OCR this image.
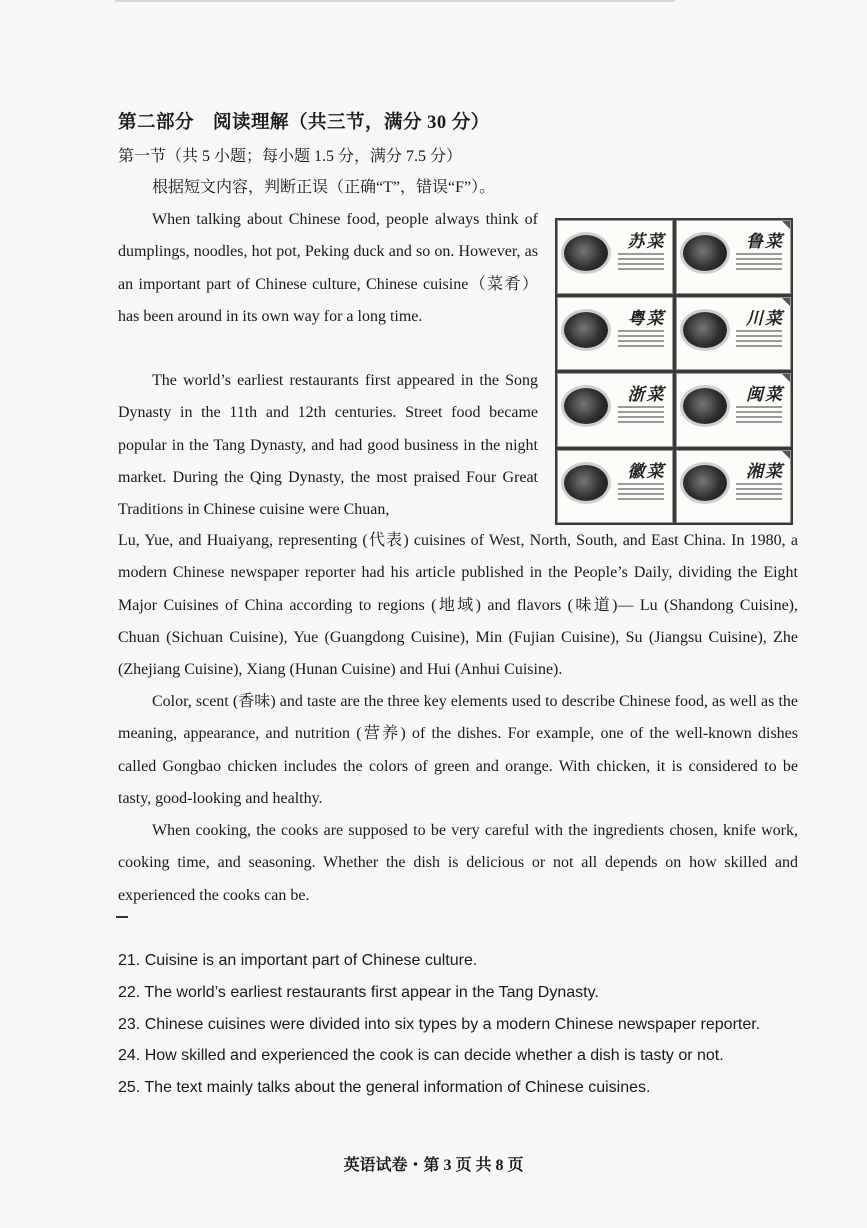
第二部分　阅读理解（共三节，满分 30 分）
第一节（共 5 小题；每小题 1.5 分，满分 7.5 分）
根据短文内容，判断正误（正确“T”，错误“F”）。
When talking about Chinese food, people always think of dumplings, noodles, hot pot, Peking duck and so on. However, as an important part of Chinese culture, Chinese cuisine（菜肴）has been around in its own way for a long time.
The world’s earliest restaurants first appeared in the Song Dynasty in the 11th and 12th centuries. Street food became popular in the Tang Dynasty, and had good business in the night market. During the Qing Dynasty, the most praised Four Great Traditions in Chinese cuisine were Chuan,
Lu, Yue, and Huaiyang, representing (代表) cuisines of West, North, South, and East China. In 1980, a modern Chinese newspaper reporter had his article published in the People’s Daily, dividing the Eight Major Cuisines of China according to regions (地域) and flavors (味道)— Lu (Shandong Cuisine), Chuan (Sichuan Cuisine), Yue (Guangdong Cuisine), Min (Fujian Cuisine), Su (Jiangsu Cuisine), Zhe (Zhejiang Cuisine), Xiang (Hunan Cuisine) and Hui (Anhui Cuisine).
Color, scent (香味) and taste are the three key elements used to describe Chinese food, as well as the meaning, appearance, and nutrition (营养) of the dishes. For example, one of the well-known dishes called Gongbao chicken includes the colors of green and orange. With chicken, it is considered to be tasty, good-looking and healthy.
When cooking, the cooks are supposed to be very careful with the ingredients chosen, knife work, cooking time, and seasoning. Whether the dish is delicious or not all depends on how skilled and experienced the cooks can be.
苏菜	鲁菜
粤菜	川菜
浙菜	闽菜
徽菜	湘菜
21. Cuisine is an important part of Chinese culture.
22. The world’s earliest restaurants first appear in the Tang Dynasty.
23. Chinese cuisines were divided into six types by a modern Chinese newspaper reporter.
24. How skilled and experienced the cook is can decide whether a dish is tasty or not.
25. The text mainly talks about the general information of Chinese cuisines.
英语试卷・第 3 页 共 8 页
